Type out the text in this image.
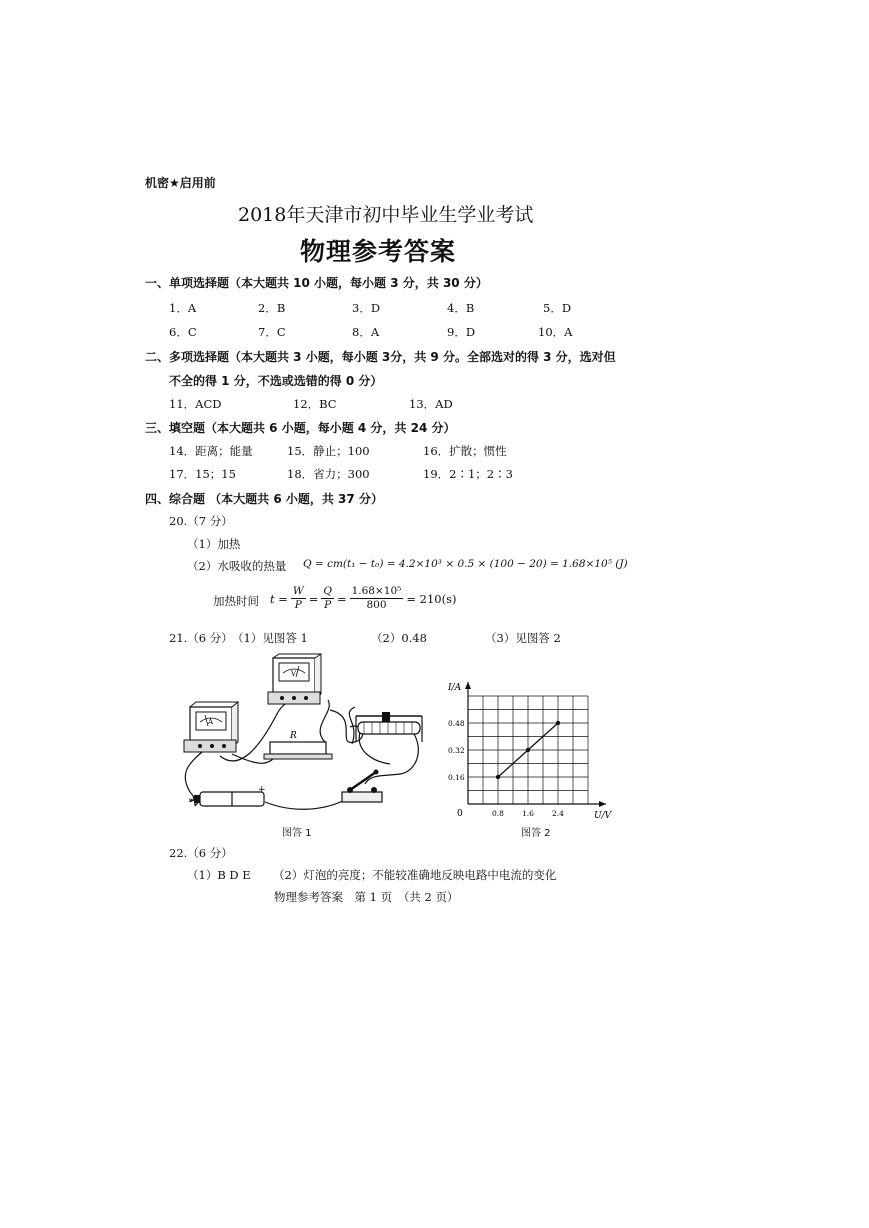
机密★启用前
2018年天津市初中毕业生学业考试
物理参考答案
一、单项选择题（本大题共 10 小题，每小题 3 分，共 30 分）
1．A	2．B	3．D	4．B	5．D
6．C	7．C	8．A	9．D	10．A
二、多项选择题（本大题共 3 小题，每小题 3分，共 9 分。全部选对的得 3 分，选对但
不全的得 1 分，不选或选错的得 0 分）
11．ACD	12．BC	13．AD
三、填空题（本大题共 6 小题，每小题 4 分，共 24 分）
14．距离；能量	15．静止；100	16．扩散；惯性
17．15；15	18．省力；300	19．2∶1；2∶3
四、综合题 （本大题共 6 小题，共 37 分）
20.（7 分）
（1）加热
（2）水吸收的热量 Q = cm(t₁ − t₀) = 4.2×10³ × 0.5 × (100 − 20) = 1.68×10⁵ (J)
加热时间 $t = \frac{W}{P} = \frac{Q}{P} = \frac{\text{1.68×10⁵}}{800} = 210(s)$
21.（6 分） （1）见图答 1	（2）0.48	（3）见图答 2
A
V
R
−
+
图答 1
U/V
I/A
0	0.8 1.6 2.4
0.16
0.32
0.48
图答 2
22.（6 分）
（1）B D E （2）灯泡的亮度；不能较准确地反映电路中电流的变化
物理参考答案　第 1 页　（共 2 页）
